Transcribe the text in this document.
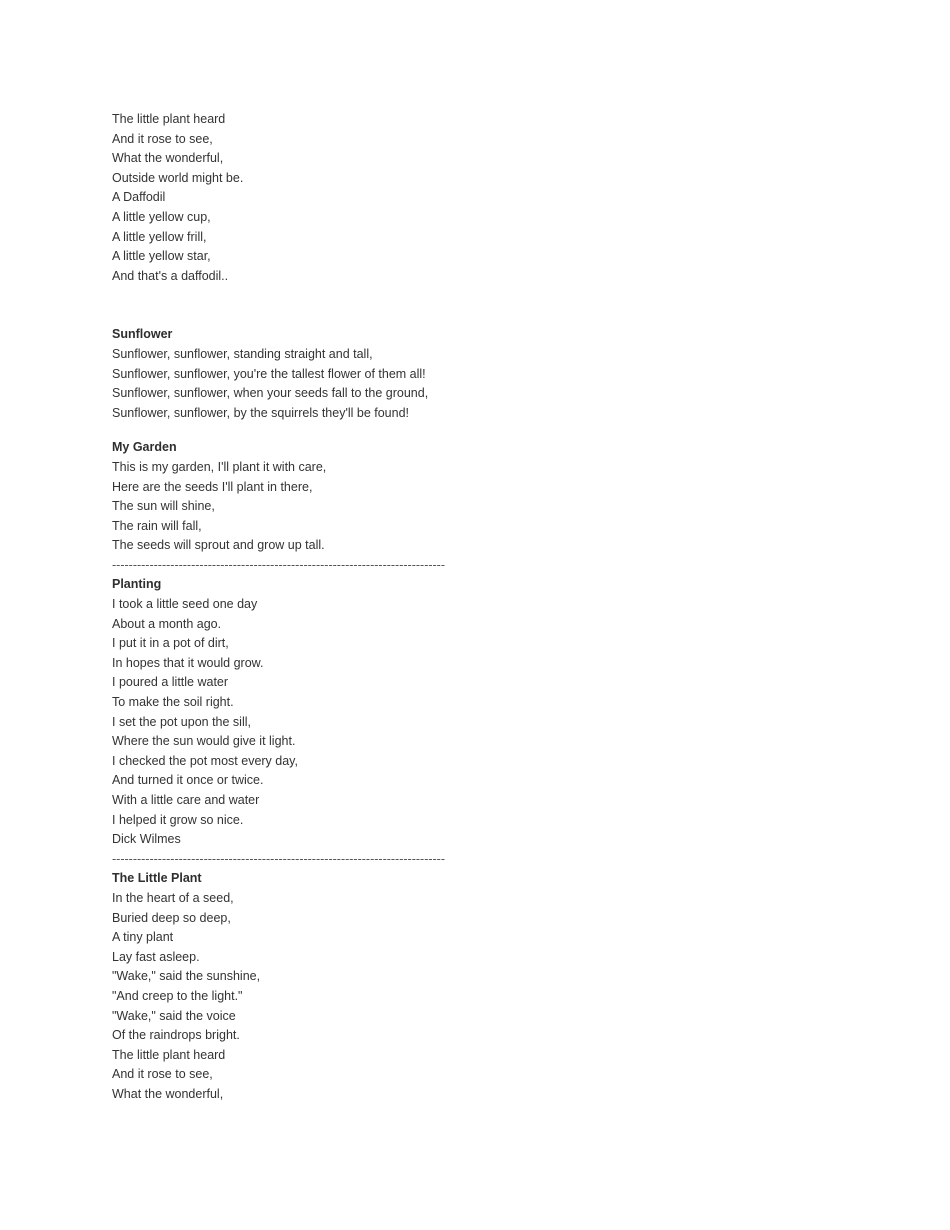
The little plant heard
And it rose to see,
What the wonderful,
Outside world might be.
A Daffodil
A little yellow cup,
A little yellow frill,
A little yellow star,
And that's a daffodil..
Sunflower
Sunflower, sunflower, standing straight and tall,
Sunflower, sunflower, you're the tallest flower of them all!
Sunflower, sunflower, when your seeds fall to the ground,
Sunflower, sunflower, by the squirrels they'll be found!
My Garden
This is my garden, I'll plant it with care,
Here are the seeds I'll plant in there,
The sun will shine,
The rain will fall,
The seeds will sprout and grow up tall.
--------------------------------------------------------------------------------
Planting
I took a little seed one day
About a month ago.
I put it in a pot of dirt,
In hopes that it would grow.
I poured a little water
To make the soil right.
I set the pot upon the sill,
Where the sun would give it light.
I checked the pot most every day,
And turned it once or twice.
With a little care and water
I helped it grow so nice.
Dick Wilmes
--------------------------------------------------------------------------------
The Little Plant
In the heart of a seed,
Buried deep so deep,
A tiny plant
Lay fast asleep.
"Wake," said the sunshine,
"And creep to the light."
"Wake," said the voice
Of the raindrops bright.
The little plant heard
And it rose to see,
What the wonderful,
